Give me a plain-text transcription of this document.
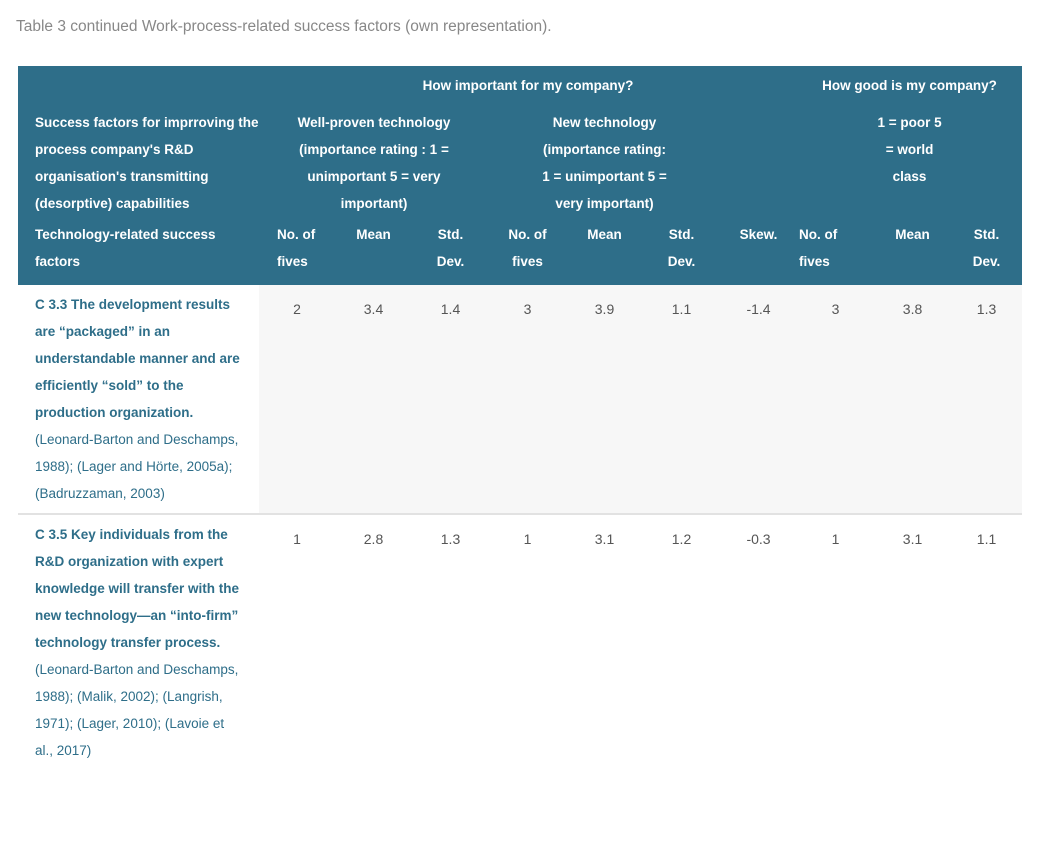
Table 3 continued Work-process-related success factors (own representation).
	How important for my company?							How good is my company?		
Success factors for imprroving the process company's R&D organisation's transmitting (desorptive) capabilities	Well-proven technology (importance rating : 1 = unimportant 5 = very important)			New technology (importance rating: 1 = unimportant 5 = very important)				1 = poor 5 = world class		

Technology-related success factors	No. of fives	Mean	Std. Dev.	No. of fives	Mean	Std. Dev.	Skew.	No. of fives	Mean	Std. Dev.

C 3.3 The development results are “packaged” in an understandable manner and are efficiently “sold” to the production organization.
(Leonard-Barton and Deschamps, 1988); (Lager and Hörte, 2005a); (Badruzzaman, 2003)	2	3.4	1.4	3	3.9	1.1	-1.4	3	3.8	1.3

C 3.5 Key individuals from the R&D organization with expert knowledge will transfer with the new technology—an “into-firm” technology transfer process.
(Leonard-Barton and Deschamps, 1988); (Malik, 2002); (Langrish, 1971); (Lager, 2010); (Lavoie et al., 2017)	1	2.8	1.3	1	3.1	1.2	-0.3	1	3.1	1.1
